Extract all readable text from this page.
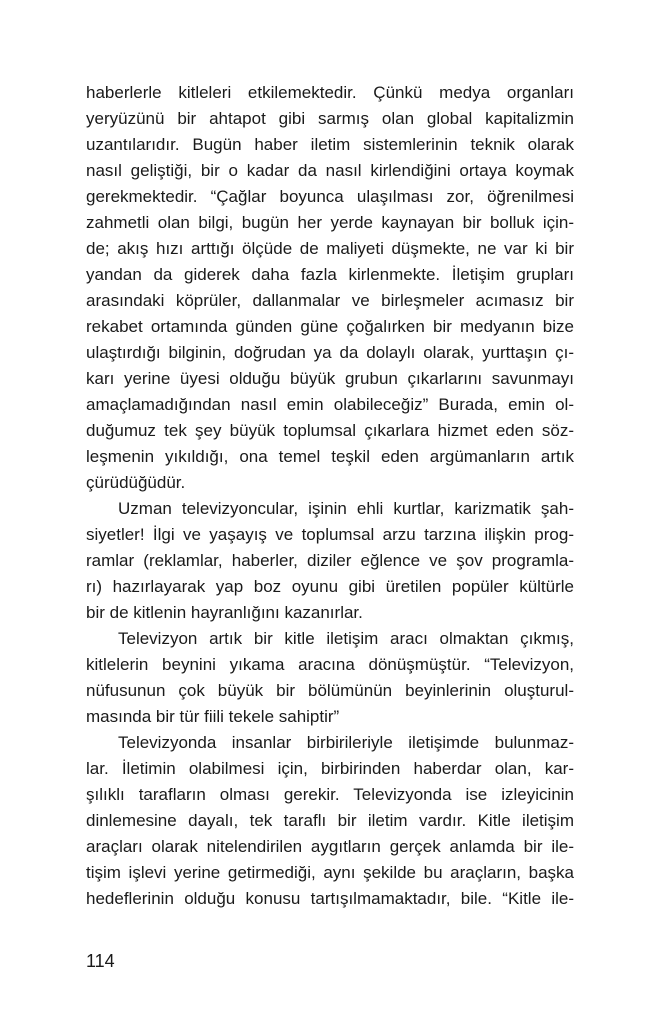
haberlerle kitleleri etkilemektedir. Çünkü medya organları
yeryüzünü bir ahtapot gibi sarmış olan global kapitalizmin
uzantılarıdır. Bugün haber iletim sistemlerinin teknik olarak
nasıl geliştiği, bir o kadar da nasıl kirlendiğini ortaya koymak
gerekmektedir. “Çağlar boyunca ulaşılması zor, öğrenilmesi
zahmetli olan bilgi, bugün her yerde kaynayan bir bolluk için-
de; akış hızı arttığı ölçüde de maliyeti düşmekte, ne var ki bir
yandan da giderek daha fazla kirlenmekte. İletişim grupları
arasındaki köprüler, dallanmalar ve birleşmeler acımasız bir
rekabet ortamında günden güne çoğalırken bir medyanın bize
ulaştırdığı bilginin, doğrudan ya da dolaylı olarak, yurttaşın çı-
karı yerine üyesi olduğu büyük grubun çıkarlarını savunmayı
amaçlamadığından nasıl emin olabileceğiz” Burada, emin ol-
duğumuz tek şey büyük toplumsal çıkarlara hizmet eden söz-
leşmenin yıkıldığı, ona temel teşkil eden argümanların artık
çürüdüğüdür.
Uzman televizyoncular, işinin ehli kurtlar, karizmatik şah-
siyetler! İlgi ve yaşayış ve toplumsal arzu tarzına ilişkin prog-
ramlar (reklamlar, haberler, diziler eğlence ve şov programla-
rı) hazırlayarak yap boz oyunu gibi üretilen popüler kültürle
bir de kitlenin hayranlığını kazanırlar.
Televizyon artık bir kitle iletişim aracı olmaktan çıkmış,
kitlelerin beynini yıkama aracına dönüşmüştür. “Televizyon,
nüfusunun çok büyük bir bölümünün beyinlerinin oluşturul-
masında bir tür fiili tekele sahiptir”
Televizyonda insanlar birbirileriyle iletişimde bulunmaz-
lar. İletimin olabilmesi için, birbirinden haberdar olan, kar-
şılıklı tarafların olması gerekir. Televizyonda ise izleyicinin
dinlemesine dayalı, tek taraflı bir iletim vardır. Kitle iletişim
araçları olarak nitelendirilen aygıtların gerçek anlamda bir ile-
tişim işlevi yerine getirmediği, aynı şekilde bu araçların, başka
hedeflerinin olduğu konusu tartışılmamaktadır, bile. “Kitle ile-
114
